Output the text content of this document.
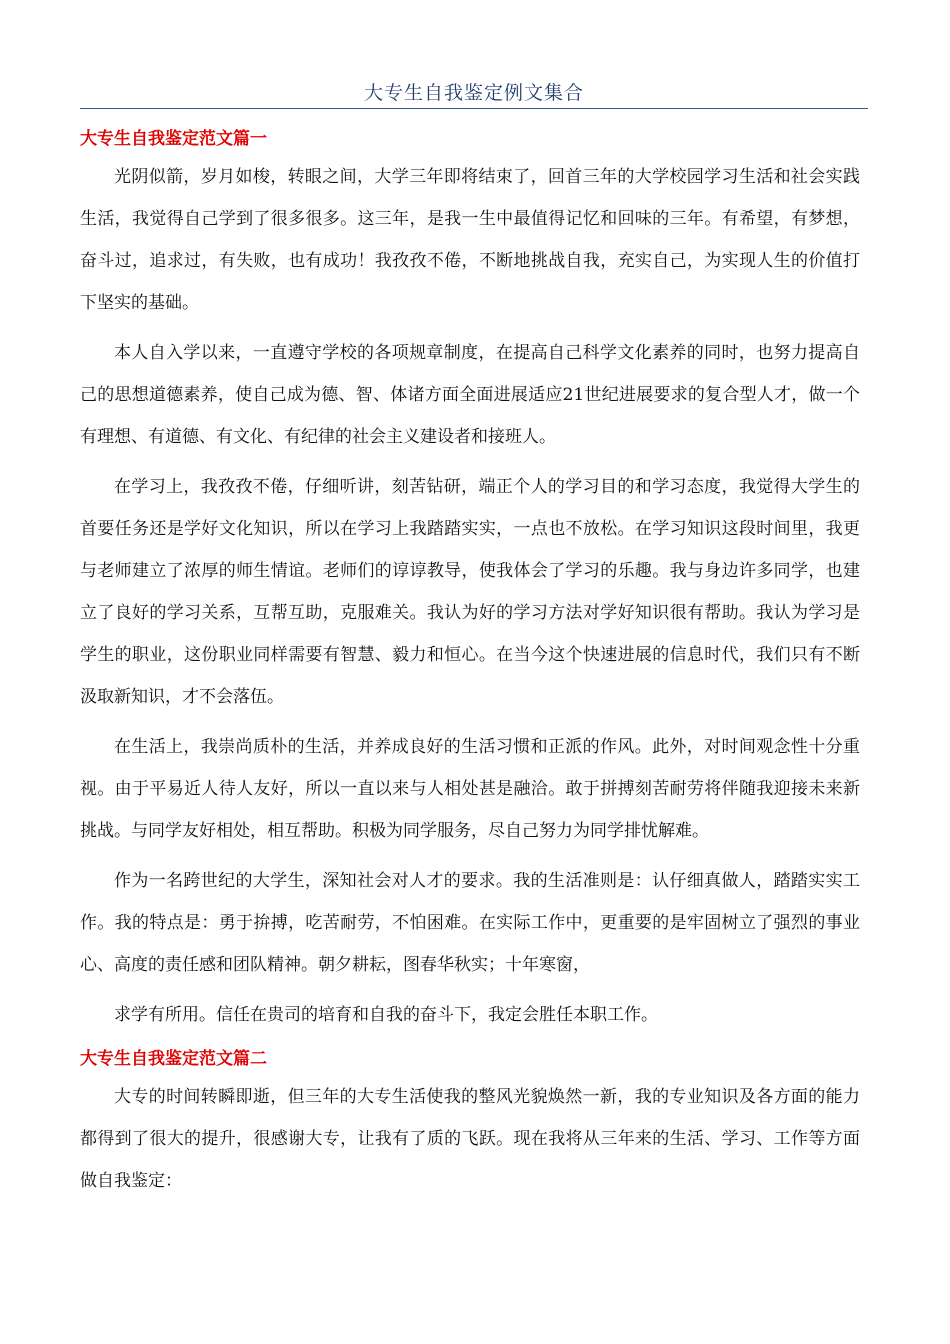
大专生自我鉴定例文集合
大专生自我鉴定范文篇一

光阴似箭，岁月如梭，转眼之间，大学三年即将结束了，回首三年的大学校园学习生活和社会实践生活，我觉得自己学到了很多很多。这三年，是我一生中最值得记忆和回味的三年。有希望，有梦想，奋斗过，追求过，有失败，也有成功！我孜孜不倦，不断地挑战自我，充实自己，为实现人生的价值打下坚实的基础。

本人自入学以来，一直遵守学校的各项规章制度，在提高自己科学文化素养的同时，也努力提高自己的思想道德素养，使自己成为德、智、体诸方面全面进展适应21世纪进展要求的复合型人才，做一个有理想、有道德、有文化、有纪律的社会主义建设者和接班人。

在学习上，我孜孜不倦，仔细听讲，刻苦钻研，端正个人的学习目的和学习态度，我觉得大学生的首要任务还是学好文化知识，所以在学习上我踏踏实实，一点也不放松。在学习知识这段时间里，我更与老师建立了浓厚的师生情谊。老师们的谆谆教导，使我体会了学习的乐趣。我与身边许多同学，也建立了良好的学习关系，互帮互助，克服难关。我认为好的学习方法对学好知识很有帮助。我认为学习是学生的职业，这份职业同样需要有智慧、毅力和恒心。在当今这个快速进展的信息时代，我们只有不断汲取新知识，才不会落伍。

在生活上，我崇尚质朴的生活，并养成良好的生活习惯和正派的作风。此外，对时间观念性十分重视。由于平易近人待人友好，所以一直以来与人相处甚是融洽。敢于拼搏刻苦耐劳将伴随我迎接未来新挑战。与同学友好相处，相互帮助。积极为同学服务，尽自己努力为同学排忧解难。

作为一名跨世纪的大学生，深知社会对人才的要求。我的生活准则是：认仔细真做人，踏踏实实工作。我的特点是：勇于拚搏，吃苦耐劳，不怕困难。在实际工作中，更重要的是牢固树立了强烈的事业心、高度的责任感和团队精神。朝夕耕耘，图春华秋实；十年寒窗，

求学有所用。信任在贵司的培育和自我的奋斗下，我定会胜任本职工作。

大专生自我鉴定范文篇二

大专的时间转瞬即逝，但三年的大专生活使我的整风光貌焕然一新，我的专业知识及各方面的能力都得到了很大的提升，很感谢大专，让我有了质的飞跃。现在我将从三年来的生活、学习、工作等方面做自我鉴定：
